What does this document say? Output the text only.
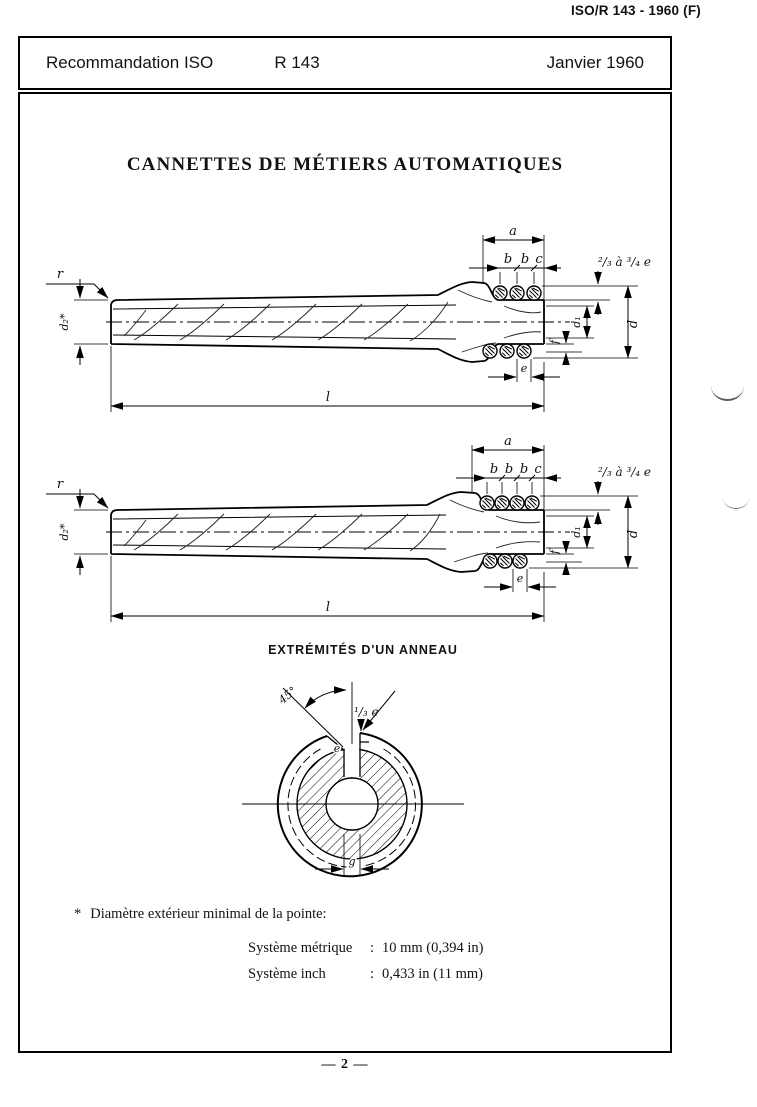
ISO/R 143 - 1960 (F)
Recommandation ISO	R 143	Janvier 1960
CANNETTES DE MÉTIERS AUTOMATIQUES
a
b b c	²/₃ à ³/₄ e
d
d₁
f
e
l
r
d₂*
a
b b b c	²/₃ à ³/₄ e
d
d₁
f
e
l
r
d₂*
EXTRÉMITÉS D'UN ANNEAU
45°
¹/₃ e
e
g
* Diamètre extérieur minimal de la pointe:
Système métrique	: 10 mm (0,394 in)
Système inch	: 0,433 in (11 mm)
— 2 —
